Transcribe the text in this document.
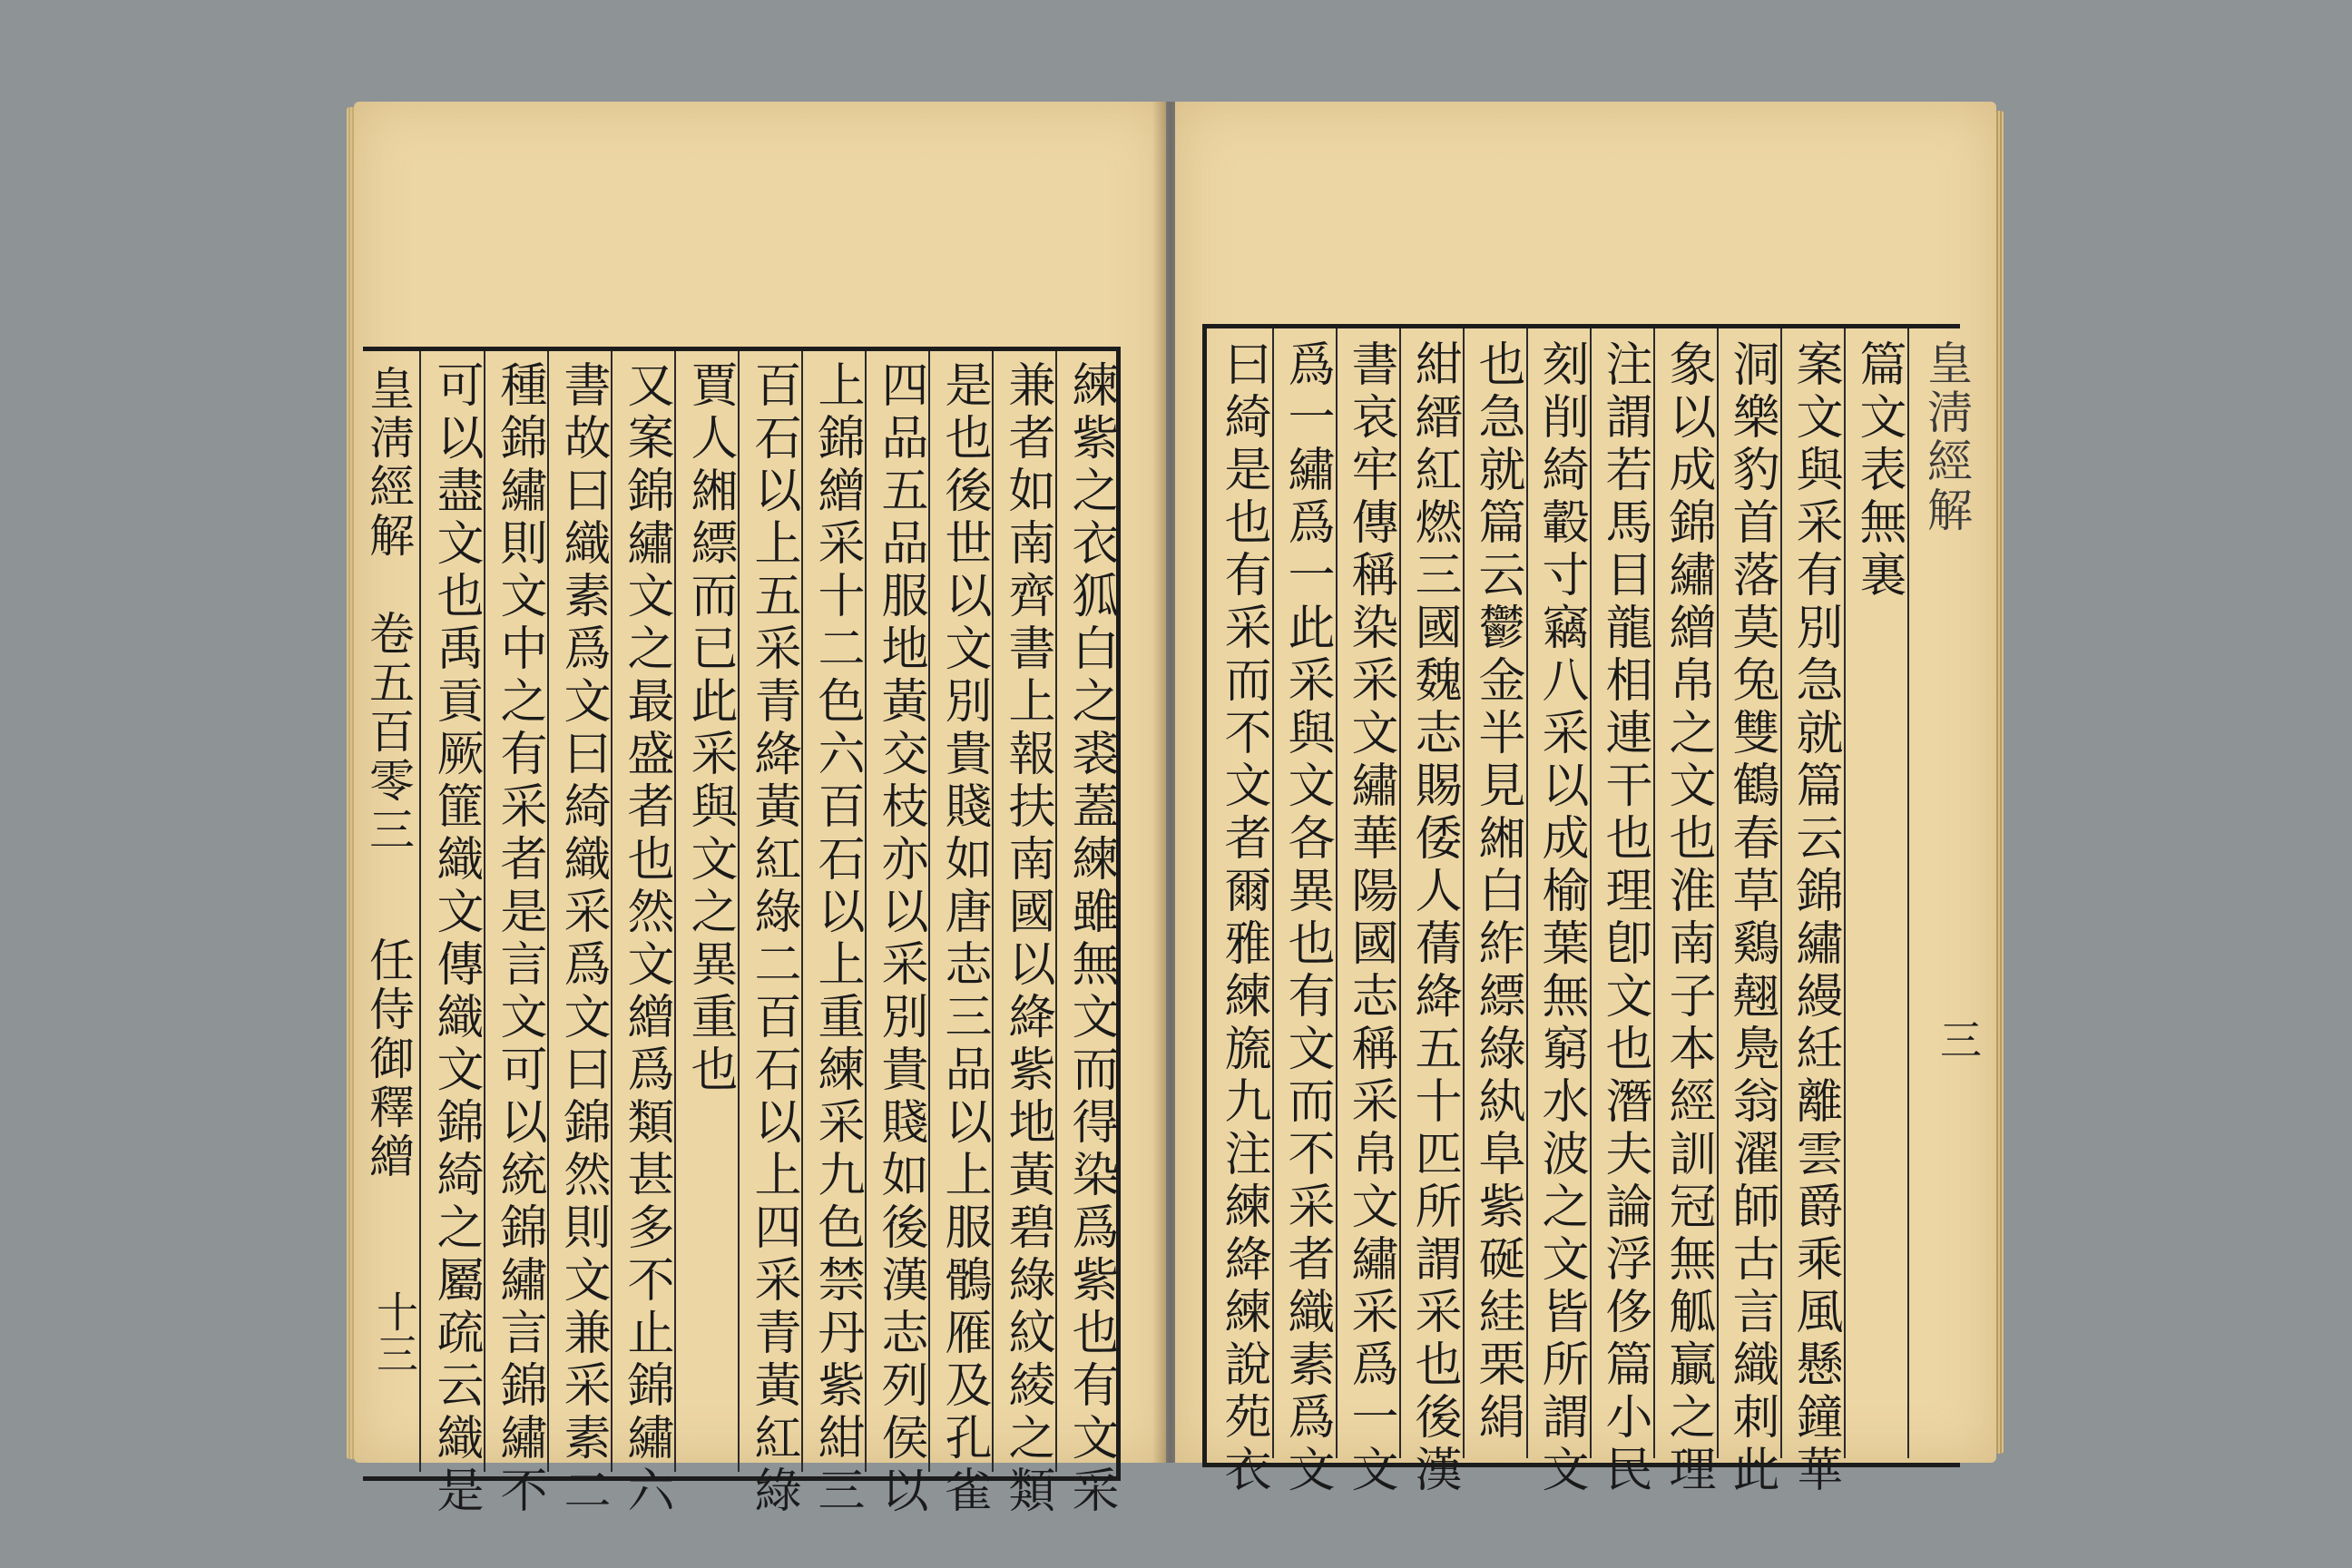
皇淸經解
卷五百零三
任侍御釋繒
十三 可以盡文也禹貢厥篚織文傳織文錦綺之屬疏云織是 種錦繡則文中之有采者是言文可以統錦繡言錦繡不 書故曰織素爲文曰綺織采爲文曰錦然則文兼采素二 又案錦繡文之最盛者也然文繒爲類甚多不止錦繡六 賈人緗縹而已此采與文之異重也 百石以上五采青絳黃紅綠二百石以上四采青黃紅綠 上錦繒采十二色六百石以上重練采九色禁丹紫紺三 四品五品服地黃交枝亦以采別貴賤如後漢志列侯以 是也後世以文別貴賤如唐志三品以上服鶻雁及孔雀 兼者如南齊書上報扶南國以絳紫地黃碧綠紋綾之類 練紫之衣狐白之裘蓋練雖無文而得染爲紫也有文采 曰綺是也有采而不文者爾雅練旒九注練絳練說苑衣 爲一繡爲一此采與文各異也有文而不采者織素爲文 書哀牢傳稱染采文繡華陽國志稱采帛文繡采爲一文 紺縉紅燃三國魏志賜倭人蒨絳五十匹所謂采也後漢 也急就篇云鬱金半見緗白䋏縹綠紈阜紫硟絓栗絹 刻削綺轂寸竊八采以成榆葉無窮水波之文皆所謂文 注謂若馬目龍相連干也理卽文也潛夫論浮侈篇小民 象以成錦繡繒帛之文也淮南子本經訓冠無觚贏之理 洞樂豹首落莫兔雙鶴春草鷄翹鳧翁濯師古言織刺此 案文與采有別急就篇云錦繡縵紝離雲爵乘風懸鐘華 篇文表無裏 皇淸經解
三
